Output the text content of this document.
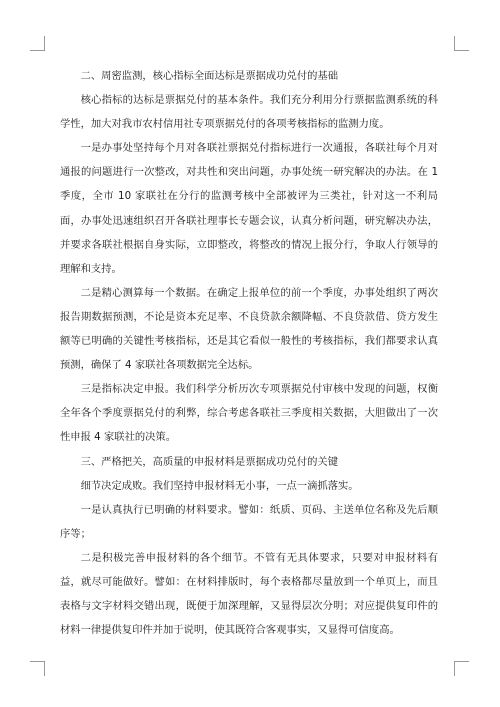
二、周密监测，核心指标全面达标是票据成功兑付的基础

核心指标的达标是票据兑付的基本条件。我们充分利用分行票据监测系统的科学性，加大对我市农村信用社专项票据兑付的各项考核指标的监测力度。

一是办事处坚持每个月对各联社票据兑付指标进行一次通报，各联社每个月对通报的问题进行一次整改，对共性和突出问题，办事处统一研究解决的办法。在 1 季度，全市 10 家联社在分行的监测考核中全部被评为三类社，针对这一不利局面，办事处迅速组织召开各联社理事长专题会议，认真分析问题，研究解决办法，并要求各联社根据自身实际，立即整改，将整改的情况上报分行，争取人行领导的理解和支持。

二是精心测算每一个数据。在确定上报单位的前一个季度，办事处组织了两次报告期数据预测，不论是资本充足率、不良贷款余额降幅、不良贷款借、贷方发生额等已明确的关键性考核指标，还是其它看似一般性的考核指标，我们都要求认真预测，确保了 4 家联社各项数据完全达标。

三是指标决定申报。我们科学分析历次专项票据兑付审核中发现的问题，权衡全年各个季度票据兑付的利弊，综合考虑各联社三季度相关数据，大胆做出了一次性申报 4 家联社的决策。

三、严格把关，高质量的申报材料是票据成功兑付的关键

细节决定成败。我们坚持申报材料无小事，一点一滴抓落实。

一是认真执行已明确的材料要求。譬如：纸质、页码、主送单位名称及先后顺序等；

二是积极完善申报材料的各个细节。不管有无具体要求，只要对申报材料有益，就尽可能做好。譬如：在材料排版时，每个表格都尽量放到一个单页上，而且表格与文字材料交错出现，既便于加深理解，又显得层次分明；对应提供复印件的材料一律提供复印件并加于说明，使其既符合客观事实，又显得可信度高。
